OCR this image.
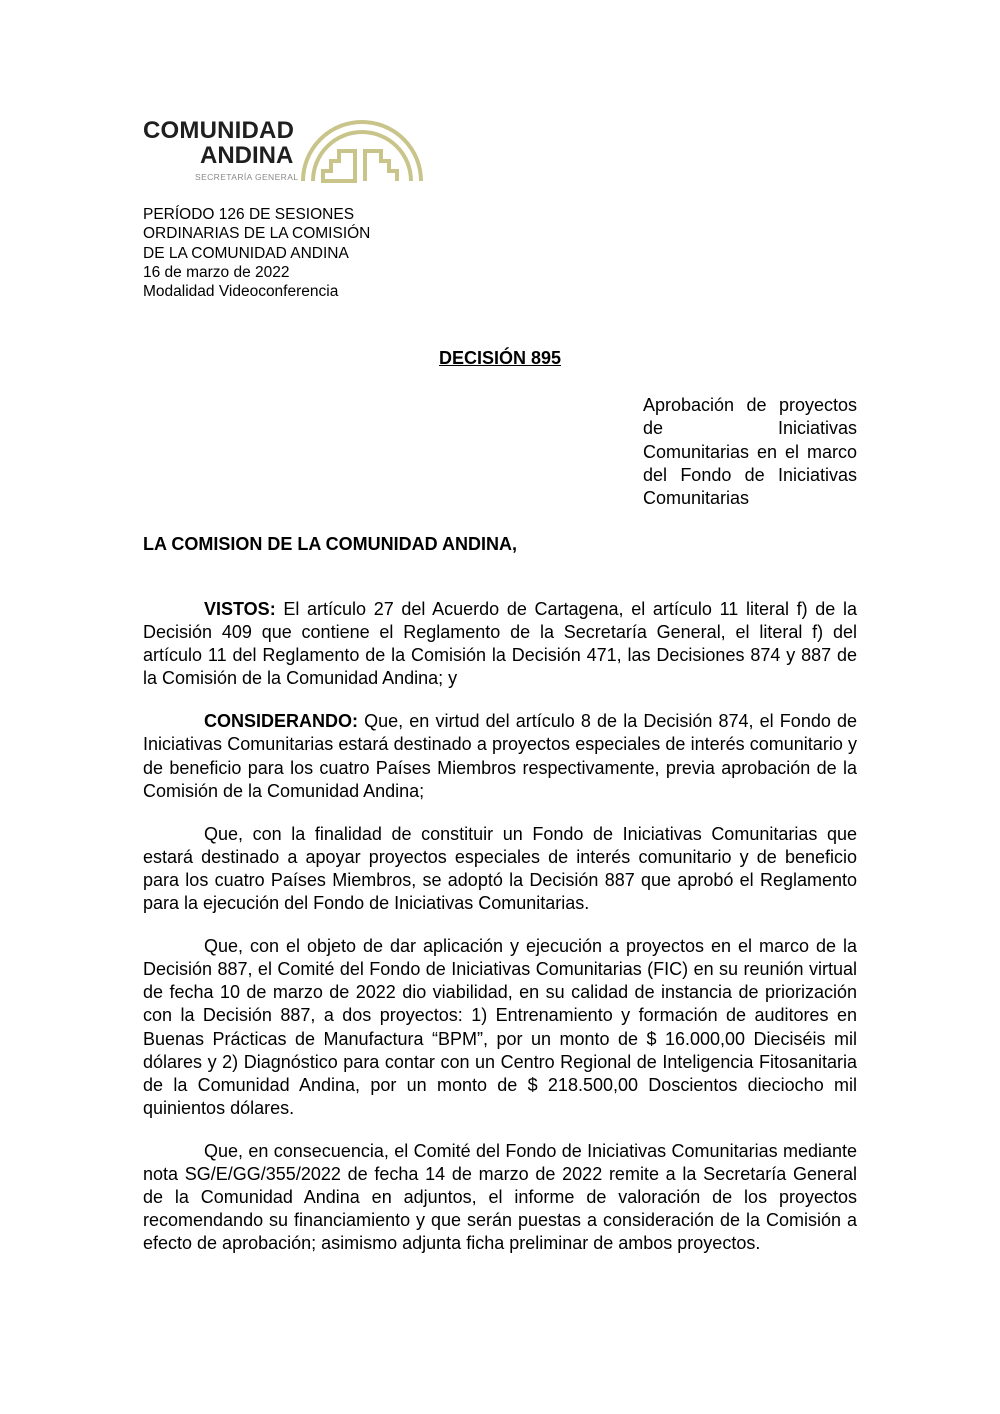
COMUNIDAD
ANDINA
SECRETARÍA GENERAL
PERÍODO 126 DE SESIONES
ORDINARIAS DE LA COMISIÓN
DE LA COMUNIDAD ANDINA
16 de marzo de 2022
Modalidad Videoconferencia
DECISIÓN 895
Aprobación de proyectos de Iniciativas Comunitarias en el marco del Fondo de Iniciativas Comunitarias
LA COMISION DE LA COMUNIDAD ANDINA,

VISTOS: El artículo 27 del Acuerdo de Cartagena, el artículo 11 literal f) de la Decisión 409 que contiene el Reglamento de la Secretaría General, el literal f) del artículo 11 del Reglamento de la Comisión la Decisión 471, las Decisiones 874 y 887 de la Comisión de la Comunidad Andina; y

CONSIDERANDO: Que, en virtud del artículo 8 de la Decisión 874, el Fondo de Iniciativas Comunitarias estará destinado a proyectos especiales de interés comunitario y de beneficio para los cuatro Países Miembros respectivamente, previa aprobación de la Comisión de la Comunidad Andina;

Que, con la finalidad de constituir un Fondo de Iniciativas Comunitarias que estará destinado a apoyar proyectos especiales de interés comunitario y de beneficio para los cuatro Países Miembros, se adoptó la Decisión 887 que aprobó el Reglamento para la ejecución del Fondo de Iniciativas Comunitarias.

Que, con el objeto de dar aplicación y ejecución a proyectos en el marco de la Decisión 887, el Comité del Fondo de Iniciativas Comunitarias (FIC) en su reunión virtual de fecha 10 de marzo de 2022 dio viabilidad, en su calidad de instancia de priorización con la Decisión 887, a dos proyectos: 1) Entrenamiento y formación de auditores en Buenas Prácticas de Manufactura “BPM”, por un monto de $ 16.000,00 Dieciséis mil dólares y 2) Diagnóstico para contar con un Centro Regional de Inteligencia Fitosanitaria de la Comunidad Andina, por un monto de $ 218.500,00 Doscientos dieciocho mil quinientos dólares.

Que, en consecuencia, el Comité del Fondo de Iniciativas Comunitarias mediante nota SG/E/GG/355/2022 de fecha 14 de marzo de 2022 remite a la Secretaría General de la Comunidad Andina en adjuntos, el informe de valoración de los proyectos recomendando su financiamiento y que serán puestas a consideración de la Comisión a efecto de aprobación; asimismo adjunta ficha preliminar de ambos proyectos.
